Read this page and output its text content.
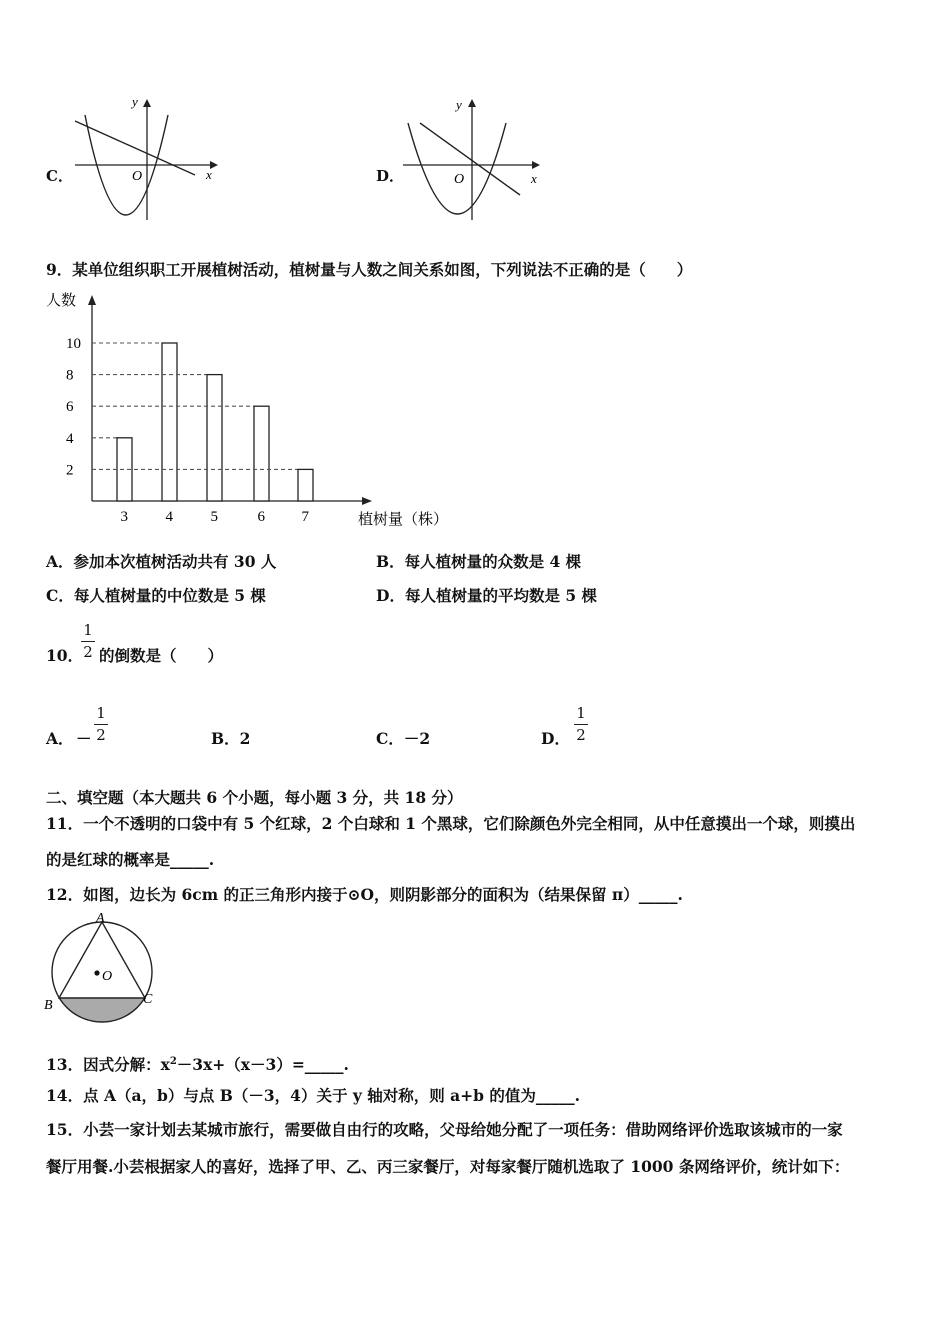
C．
y
x
O	D．
y
x
O
9．某单位组织职工开展植树活动，植树量与人数之间关系如图，下列说法不正确的是（　　）
人数
植树量（株）
2
4
6
8
10
3	4	5	6 7
A．参加本次植树活动共有 30 人	B．每人植树量的众数是 4 棵
C．每人植树量的中位数是 5 棵	D．每人植树量的平均数是 5 棵
10．
1
2 的倒数是（　　）
A． －
1
2	B．2	C．－2	D．
1
2
二、填空题（本大题共 6 个小题，每小题 3 分，共 18 分）
11．一个不透明的口袋中有 5 个红球，2 个白球和 1 个黑球，它们除颜色外完全相同，从中任意摸出一个球，则摸出
的是红球的概率是_____.
12．如图，边长为 6cm 的正三角形内接于⊙O，则阴影部分的面积为（结果保留 π）_____.
A
B	C
O
13．因式分解：$x^2-3x+(x-3)=\_\_\_\_\_$.
14．点 A（a，b）与点 B（－3，4）关于 y 轴对称，则 a+b 的值为_____.
15．小芸一家计划去某城市旅行，需要做自由行的攻略，父母给她分配了一项任务：借助网络评价选取该城市的一家
餐厅用餐.小芸根据家人的喜好，选择了甲、乙、丙三家餐厅，对每家餐厅随机选取了 1000 条网络评价，统计如下：
